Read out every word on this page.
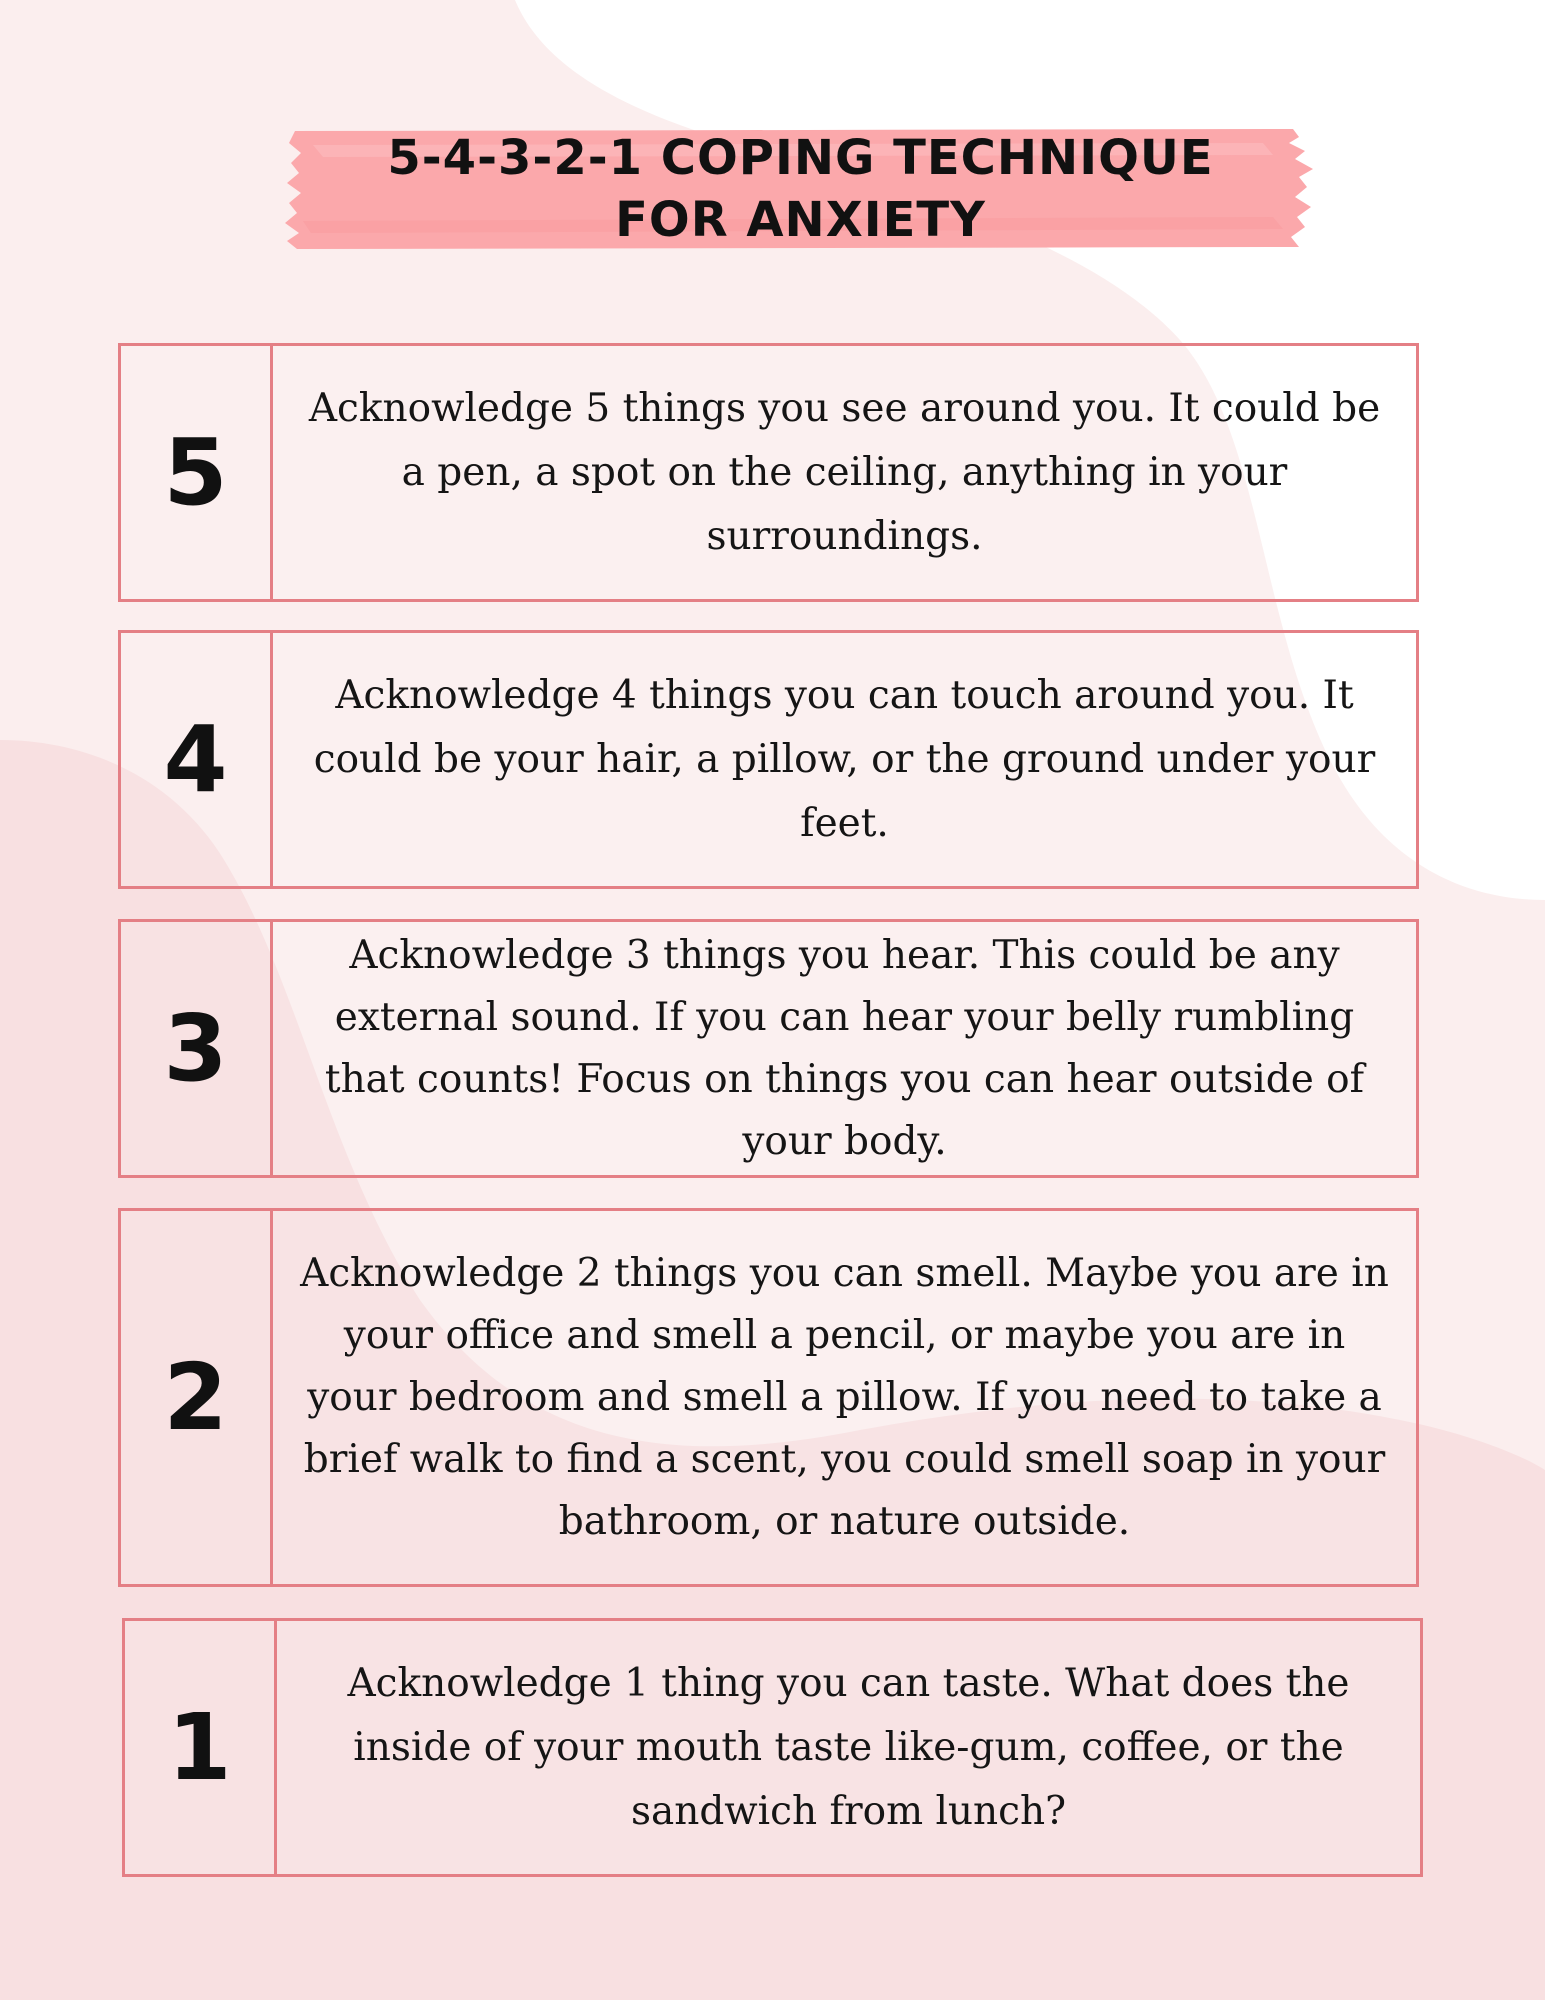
5-4-3-2-1 COPING TECHNIQUE
FOR ANXIETY
5
Acknowledge 5 things you see around you. It could be a pen, a spot on the ceiling, anything in your surroundings.
4
Acknowledge 4 things you can touch around you. It could be your hair, a pillow, or the ground under your feet.
3
Acknowledge 3 things you hear. This could be any external sound. If you can hear your belly rumbling that counts! Focus on things you can hear outside of your body.
2
Acknowledge 2 things you can smell. Maybe you are in your office and smell a pencil, or maybe you are in your bedroom and smell a pillow. If you need to take a brief walk to find a scent, you could smell soap in your bathroom, or nature outside.
1
Acknowledge 1 thing you can taste. What does the inside of your mouth taste like-gum, coffee, or the sandwich from lunch?
